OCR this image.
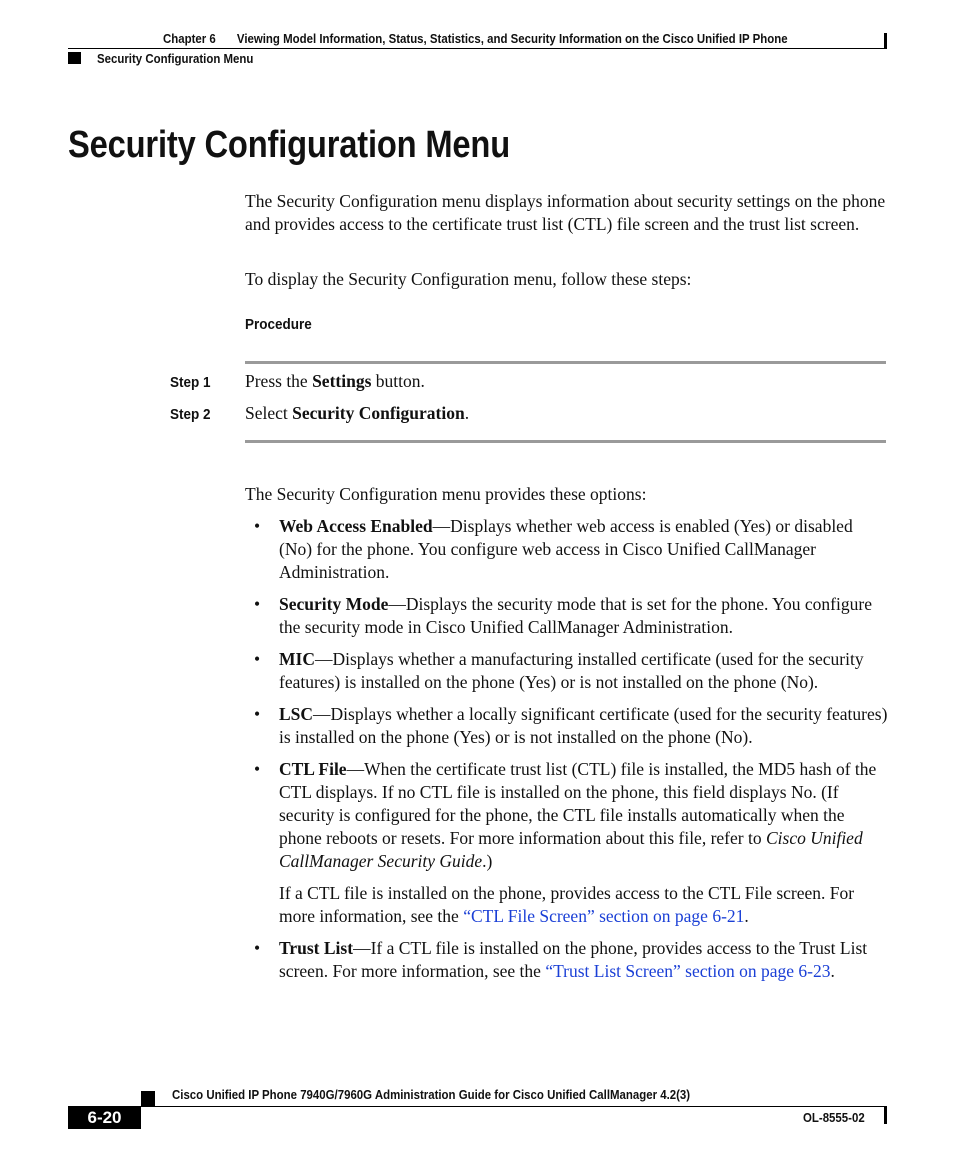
Chapter 6 Viewing Model Information, Status, Statistics, and Security Information on the Cisco Unified IP Phone
Security Configuration Menu
Security Configuration Menu
The Security Configuration menu displays information about security settings on the phone and provides access to the certificate trust list (CTL) file screen and the trust list screen.
To display the Security Configuration menu, follow these steps:
Procedure
Step 1 Press the Settings button.
Step 2 Select Security Configuration.
The Security Configuration menu provides these options:
• Web Access Enabled—Displays whether web access is enabled (Yes) or disabled (No) for the phone. You configure web access in Cisco Unified CallManager Administration.
• Security Mode—Displays the security mode that is set for the phone. You configure the security mode in Cisco Unified CallManager Administration.
• MIC—Displays whether a manufacturing installed certificate (used for the security features) is installed on the phone (Yes) or is not installed on the phone (No).
• LSC—Displays whether a locally significant certificate (used for the security features) is installed on the phone (Yes) or is not installed on the phone (No).
• CTL File—When the certificate trust list (CTL) file is installed, the MD5 hash of the CTL displays. If no CTL file is installed on the phone, this field displays No. (If security is configured for the phone, the CTL file installs automatically when the phone reboots or resets. For more information about this file, refer to Cisco Unified CallManager Security Guide.)

If a CTL file is installed on the phone, provides access to the CTL File screen. For more information, see the “CTL File Screen” section on page 6-21.

• Trust List—If a CTL file is installed on the phone, provides access to the Trust List screen. For more information, see the “Trust List Screen” section on page 6-23.
Cisco Unified IP Phone 7940G/7960G Administration Guide for Cisco Unified CallManager 4.2(3)
6-20	OL-8555-02
